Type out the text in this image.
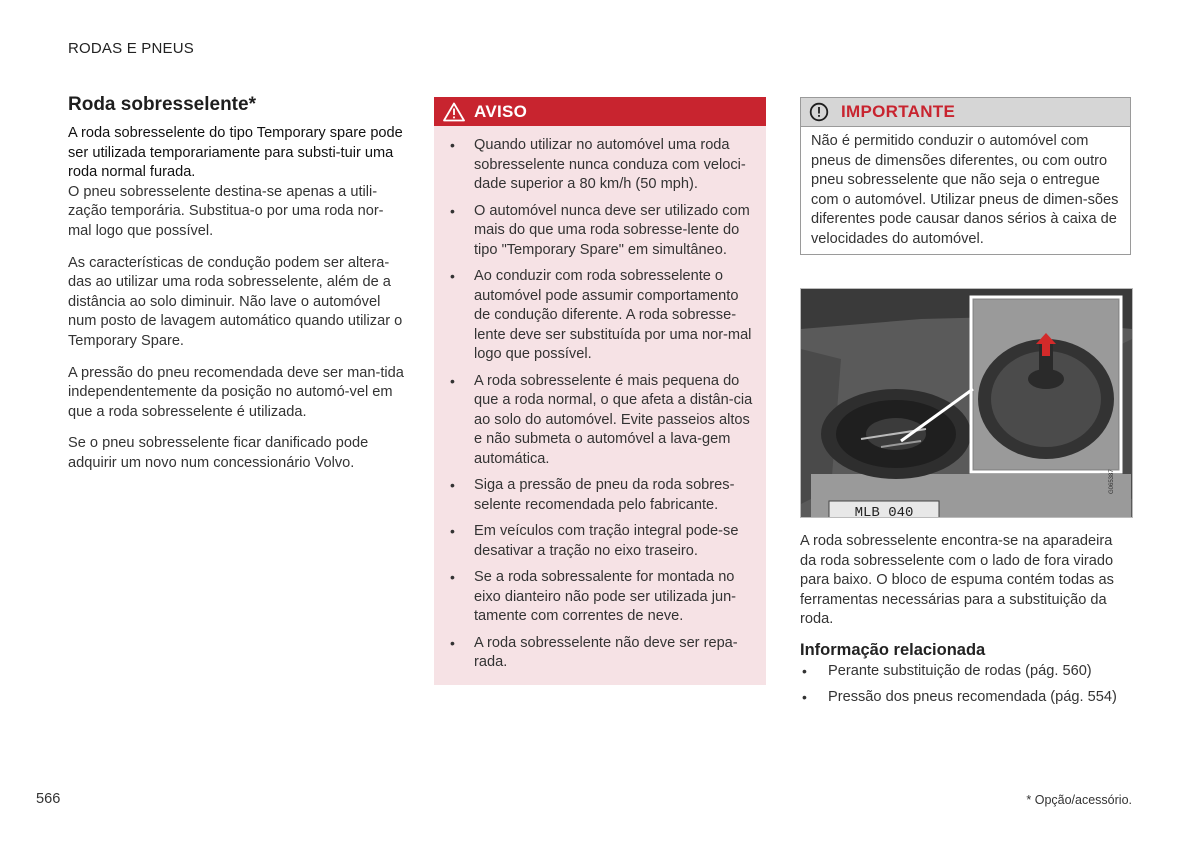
RODAS E PNEUS
Roda sobresselente*

A roda sobresselente do tipo Temporary spare pode ser utilizada temporariamente para substi-tuir uma roda normal furada.

O pneu sobresselente destina-se apenas a utili-zação temporária. Substitua-o por uma roda nor-mal logo que possível.

As características de condução podem ser altera-das ao utilizar uma roda sobresselente, além de a distância ao solo diminuir. Não lave o automóvel num posto de lavagem automático quando utilizar o Temporary Spare.

A pressão do pneu recomendada deve ser man-tida independentemente da posição no automó-vel em que a roda sobresselente é utilizada.

Se o pneu sobresselente ficar danificado pode adquirir um novo num concessionário Volvo.

AVISO
• Quando utilizar no automóvel uma roda sobresselente nunca conduza com veloci-dade superior a 80 km/h (50 mph).
• O automóvel nunca deve ser utilizado com mais do que uma roda sobresse-lente do tipo "Temporary Spare" em simultâneo.
• Ao conduzir com roda sobresselente o automóvel pode assumir comportamento de condução diferente. A roda sobresse-lente deve ser substituída por uma nor-mal logo que possível.
• A roda sobresselente é mais pequena do que a roda normal, o que afeta a distân-cia ao solo do automóvel. Evite passeios altos e não submeta o automóvel a lava-gem automática.
• Siga a pressão de pneu da roda sobres-selente recomendada pelo fabricante.
• Em veículos com tração integral pode-se desativar a tração no eixo traseiro.
• Se a roda sobressalente for montada no eixo dianteiro não pode ser utilizada jun-tamente com correntes de neve.
• A roda sobresselente não deve ser repa-rada.
IMPORTANTE
Não é permitido conduzir o automóvel com pneus de dimensões diferentes, ou com outro pneu sobresselente que não seja o entregue com o automóvel. Utilizar pneus de dimen-sões diferentes pode causar danos sérios à caixa de velocidades do automóvel.
MLB 040
G065387

A roda sobresselente encontra-se na aparadeira da roda sobresselente com o lado de fora virado para baixo. O bloco de espuma contém todas as ferramentas necessárias para a substituição da roda.

Informação relacionada
• Perante substituição de rodas (pág. 560)
• Pressão dos pneus recomendada (pág. 554)
566	* Opção/acessório.
